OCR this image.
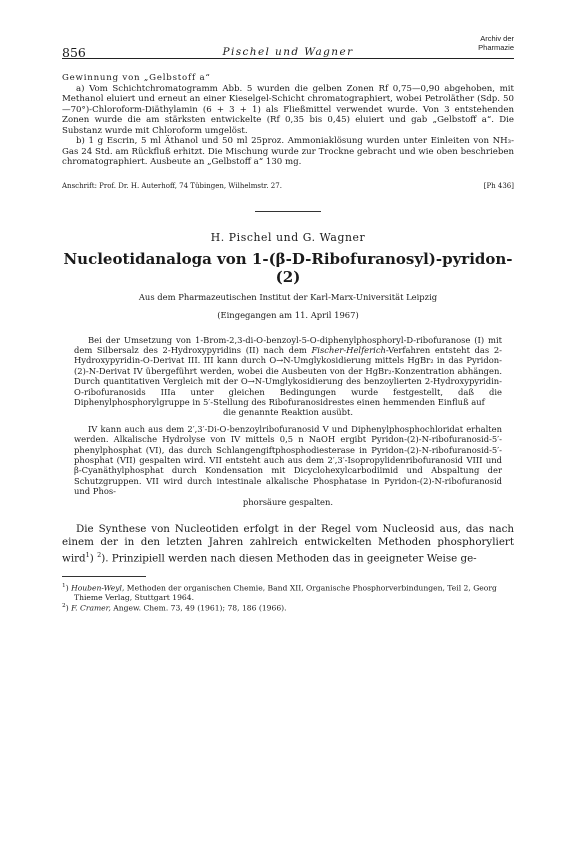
856	Pischel und Wagner
Archiv der
Pharmazie
Gewinnung von „Gelbstoff a“

a) Vom Schichtchromatogramm Abb. 5 wurden die gelben Zonen Rf 0,75—0,90 abgehoben, mit Methanol eluiert und erneut an einer Kieselgel-Schicht chromatographiert, wobei Petroläther (Sdp. 50—70°)-Chloroform-Diäthylamin (6 + 3 + 1) als Fließmittel verwendet wurde. Von 3 entstehenden Zonen wurde die am stärksten entwickelte (Rf 0,35 bis 0,45) eluiert und gab „Gelbstoff a“. Die Substanz wurde mit Chloroform umgelöst.

b) 1 g Escrin, 5 ml Äthanol und 50 ml 25proz. Ammoniaklösung wurden unter Einleiten von NH₃-Gas 24 Std. am Rückfluß erhitzt. Die Mischung wurde zur Trockne gebracht und wie oben beschrieben chromatographiert. Ausbeute an „Gelbstoff a“ 130 mg.

Anschrift: Prof. Dr. H. Auterhoff, 74 Tübingen, Wilhelmstr. 27.	[Ph 436]
H. Pischel und G. Wagner
Nucleotidanaloga von 1-(β-D-Ribofuranosyl)-pyridon-(2)
Aus dem Pharmazeutischen Institut der Karl-Marx-Universität Leipzig
(Eingegangen am 11. April 1967)

Bei der Umsetzung von 1-Brom-2,3-di-O-benzoyl-5-O-diphenylphosphoryl-D-ribofuranose (I) mit dem Silbersalz des 2-Hydroxypyridins (II) nach dem Fischer-Helferich-Verfahren entsteht das 2-Hydroxypyridin-O-Derivat III. III kann durch O→N-Umglykosidierung mittels HgBr₂ in das Pyridon-(2)-N-Derivat IV übergeführt werden, wobei die Ausbeuten von der HgBr₂-Konzentration abhängen. Durch quantitativen Vergleich mit der O→N-Umglykosidierung des benzoylierten 2-Hydroxypyridin-O-ribofuranosids IIIa unter gleichen Bedingungen wurde festgestellt, daß die Diphenylphosphorylgruppe in 5′-Stellung des Ribofuranosidrestes einen hemmenden Einfluß auf

die genannte Reaktion ausübt.

IV kann auch aus dem 2′,3′-Di-O-benzoylribofuranosid V und Diphenylphosphochloridat erhalten werden. Alkalische Hydrolyse von IV mittels 0,5 n NaOH ergibt Pyridon-(2)-N-ribofuranosid-5′-phenylphosphat (VI), das durch Schlangengiftphosphodiesterase in Pyridon-(2)-N-ribofuranosid-5′-phosphat (VII) gespalten wird. VII entsteht auch aus dem 2′,3′-Isopropylidenribofuranosid VIII und β-Cyanäthylphosphat durch Kondensation mit Dicyclohexylcarbodiimid und Abspaltung der Schutzgruppen. VII wird durch intestinale alkalische Phosphatase in Pyridon-(2)-N-ribofuranosid und Phos-

phorsäure gespalten.

Die Synthese von Nucleotiden erfolgt in der Regel vom Nucleosid aus, das nach einem der in den letzten Jahren zahlreich entwickelten Methoden phosphoryliert wird$^1$) $^2$). Prinzipiell werden nach diesen Methoden das in geeigneter Weise ge-

$^1$) Houben-Weyl, Methoden der organischen Chemie, Band XII, Organische Phosphorverbindungen, Teil 2, Georg Thieme Verlag, Stuttgart 1964.
$^2$) F. Cramer, Angew. Chem. 73, 49 (1961); 78, 186 (1966).
